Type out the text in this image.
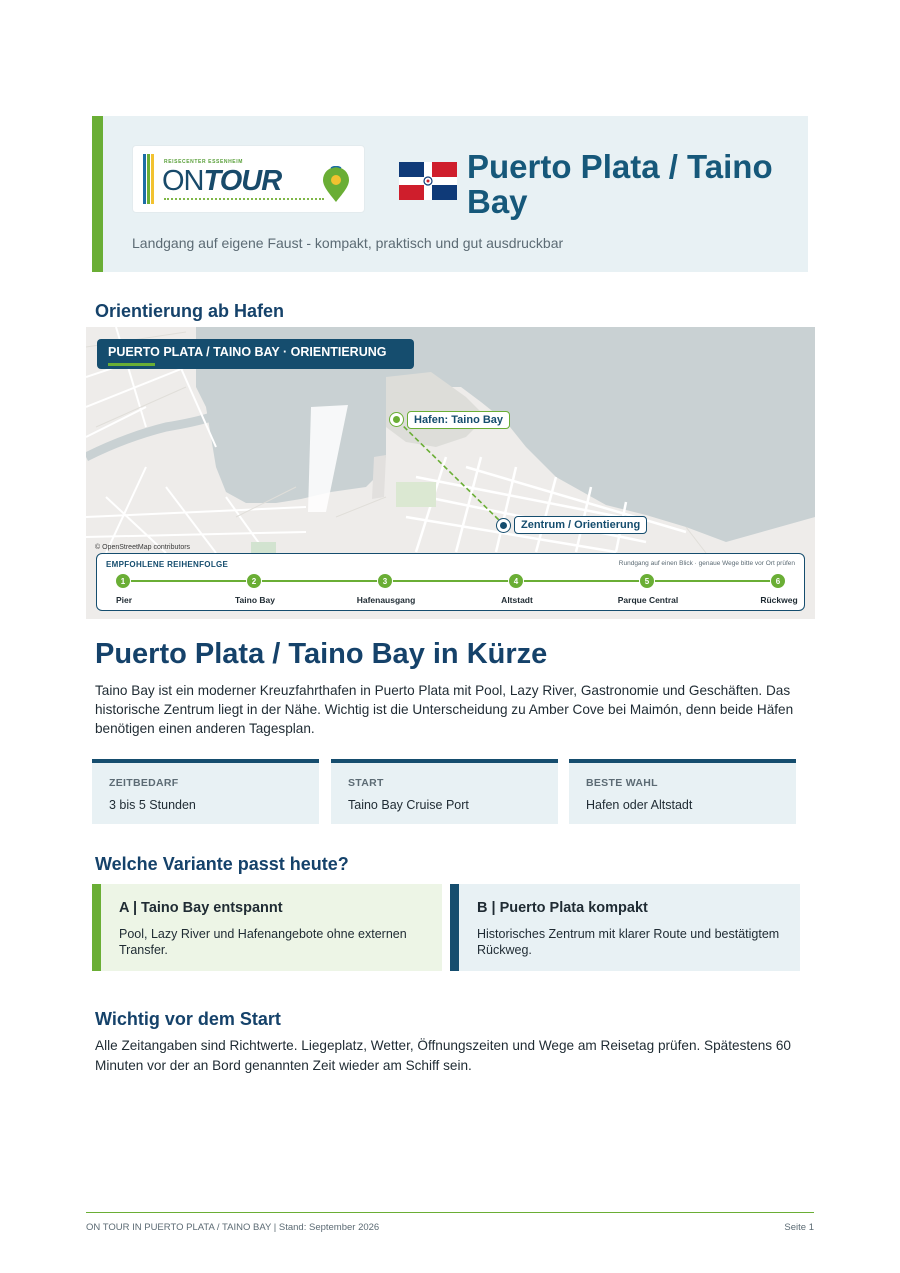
REISECENTER ESSENHEIM
ONTOUR	Puerto Plata / Taino Bay
Landgang auf eigene Faust - kompakt, praktisch und gut ausdruckbar
Orientierung ab Hafen
PUERTO PLATA / TAINO BAY · ORIENTIERUNG
Hafen: Taino Bay
Zentrum / Orientierung
© OpenStreetMap contributors
EMPFOHLENE REIHENFOLGE	Rundgang auf einen Blick · genaue Wege bitte vor Ort prüfen
1	2	3	4	5	6
Pier	Taino Bay	Hafenausgang	Altstadt	Parque Central	Rückweg
Puerto Plata / Taino Bay in Kürze

Taino Bay ist ein moderner Kreuzfahrthafen in Puerto Plata mit Pool, Lazy River, Gastronomie und Geschäften. Das historische Zentrum liegt in der Nähe. Wichtig ist die Unterscheidung zu Amber Cove bei Maimón, denn beide Häfen benötigen einen anderen Tagesplan.

ZEITBEDARF
3 bis 5 Stunden
START
Taino Bay Cruise Port
BESTE WAHL
Hafen oder Altstadt
Welche Variante passt heute?
A | Taino Bay entspannt
Pool, Lazy River und Hafenangebote ohne externen Transfer.
B | Puerto Plata kompakt
Historisches Zentrum mit klarer Route und bestätigtem Rückweg.
Wichtig vor dem Start

Alle Zeitangaben sind Richtwerte. Liegeplatz, Wetter, Öffnungszeiten und Wege am Reisetag prüfen. Spätestens 60 Minuten vor der an Bord genannten Zeit wieder am Schiff sein.

ON TOUR IN PUERTO PLATA / TAINO BAY | Stand: September 2026	Seite 1
